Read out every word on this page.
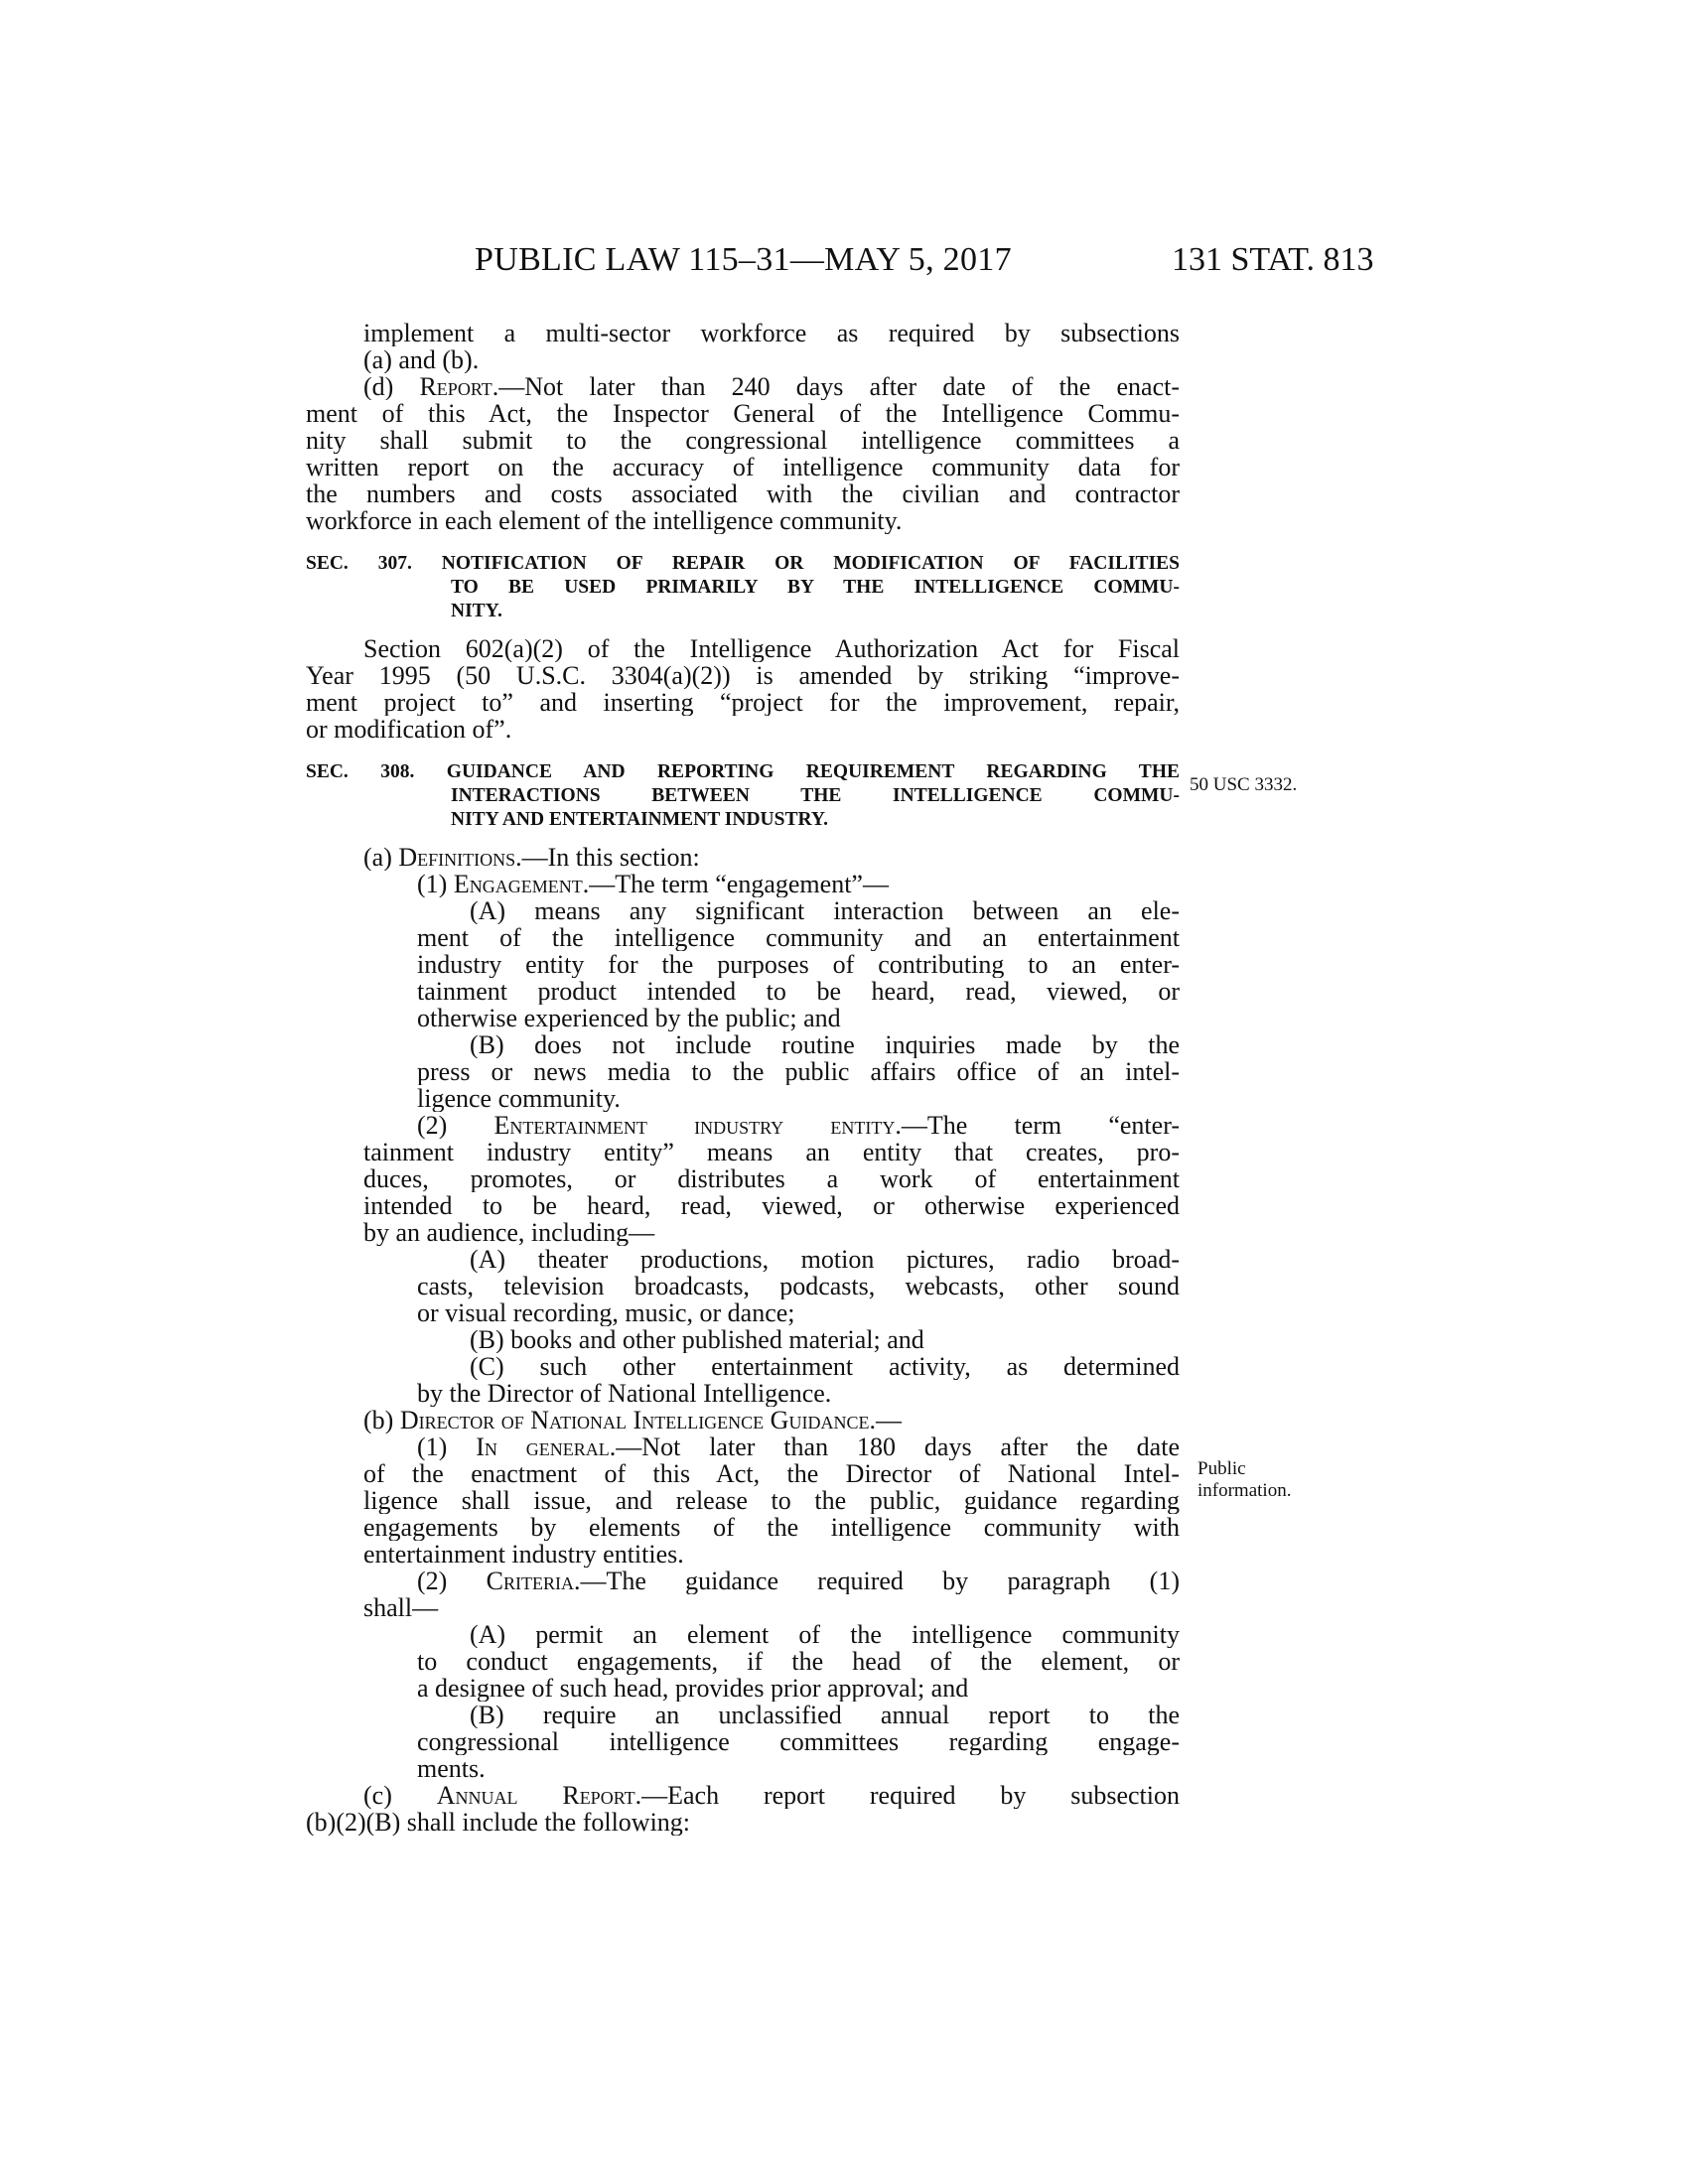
PUBLIC LAW 115–31—MAY 5, 2017	131 STAT. 813
50 USC 3332.
Public
information.
implement a multi-sector workforce as required by subsections
(a) and (b).
(d) Report.—Not later than 240 days after date of the enact-
ment of this Act, the Inspector General of the Intelligence Commu-
nity shall submit to the congressional intelligence committees a
written report on the accuracy of intelligence community data for
the numbers and costs associated with the civilian and contractor
workforce in each element of the intelligence community.
SEC. 307. NOTIFICATION OF REPAIR OR MODIFICATION OF FACILITIES
TO BE USED PRIMARILY BY THE INTELLIGENCE COMMU-
NITY.
Section 602(a)(2) of the Intelligence Authorization Act for Fiscal
Year 1995 (50 U.S.C. 3304(a)(2)) is amended by striking “improve-
ment project to” and inserting “project for the improvement, repair,
or modification of”.
SEC. 308. GUIDANCE AND REPORTING REQUIREMENT REGARDING THE
INTERACTIONS BETWEEN THE INTELLIGENCE COMMU-
NITY AND ENTERTAINMENT INDUSTRY.
(a) Definitions.—In this section:
(1) Engagement.—The term “engagement”—
(A) means any significant interaction between an ele-
ment of the intelligence community and an entertainment
industry entity for the purposes of contributing to an enter-
tainment product intended to be heard, read, viewed, or
otherwise experienced by the public; and
(B) does not include routine inquiries made by the
press or news media to the public affairs office of an intel-
ligence community.
(2) Entertainment industry entity.—The term “enter-
tainment industry entity” means an entity that creates, pro-
duces, promotes, or distributes a work of entertainment
intended to be heard, read, viewed, or otherwise experienced
by an audience, including—
(A) theater productions, motion pictures, radio broad-
casts, television broadcasts, podcasts, webcasts, other sound
or visual recording, music, or dance;
(B) books and other published material; and
(C) such other entertainment activity, as determined
by the Director of National Intelligence.
(b) Director of National Intelligence Guidance.—
(1) In general.—Not later than 180 days after the date
of the enactment of this Act, the Director of National Intel-
ligence shall issue, and release to the public, guidance regarding
engagements by elements of the intelligence community with
entertainment industry entities.
(2) Criteria.—The guidance required by paragraph (1)
shall—
(A) permit an element of the intelligence community
to conduct engagements, if the head of the element, or
a designee of such head, provides prior approval; and
(B) require an unclassified annual report to the
congressional intelligence committees regarding engage-
ments.
(c) Annual Report.—Each report required by subsection
(b)(2)(B) shall include the following:
